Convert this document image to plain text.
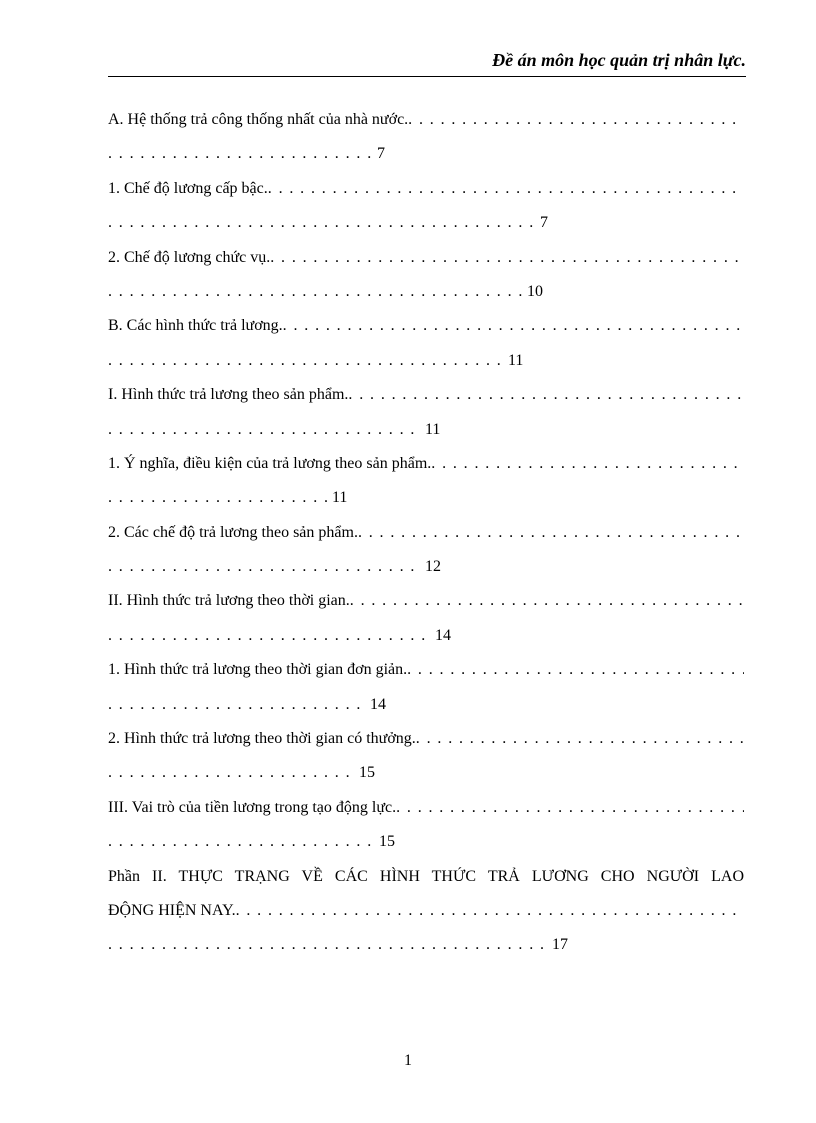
Đề án môn học quản trị nhân lực.
A. Hệ thống trả công thống nhất của nhà nước.
. . .
. . .
7
1. Chế độ lương cấp bậc.
. . .
. . .
7
2. Chế độ lương chức vụ.
. . .
. . .
10
B. Các hình thức trả lương.
. . .
. . .
11
I. Hình thức trả lương theo sản phẩm.
. . .
. . .
11
1. Ý nghĩa, điều kiện của trả lương theo sản phẩm.
. . .
. . .
11
2. Các chế độ trả lương theo sản phẩm.
. . .
. . .
12
II. Hình thức trả lương theo thời gian.
. . .
. . .
14
1. Hình thức trả lương theo thời gian đơn giản.
. . .
. . .
14
2. Hình thức trả lương theo thời gian có thưởng.
. . .
. . .
15
III. Vai trò của tiền lương trong tạo động lực.
. . .
. . .
15
Phần II. THỰC TRẠNG VỀ CÁC HÌNH THỨC TRẢ LƯƠNG CHO NGƯỜI LAO
ĐỘNG HIỆN NAY.
. . .
. . .
17
1
